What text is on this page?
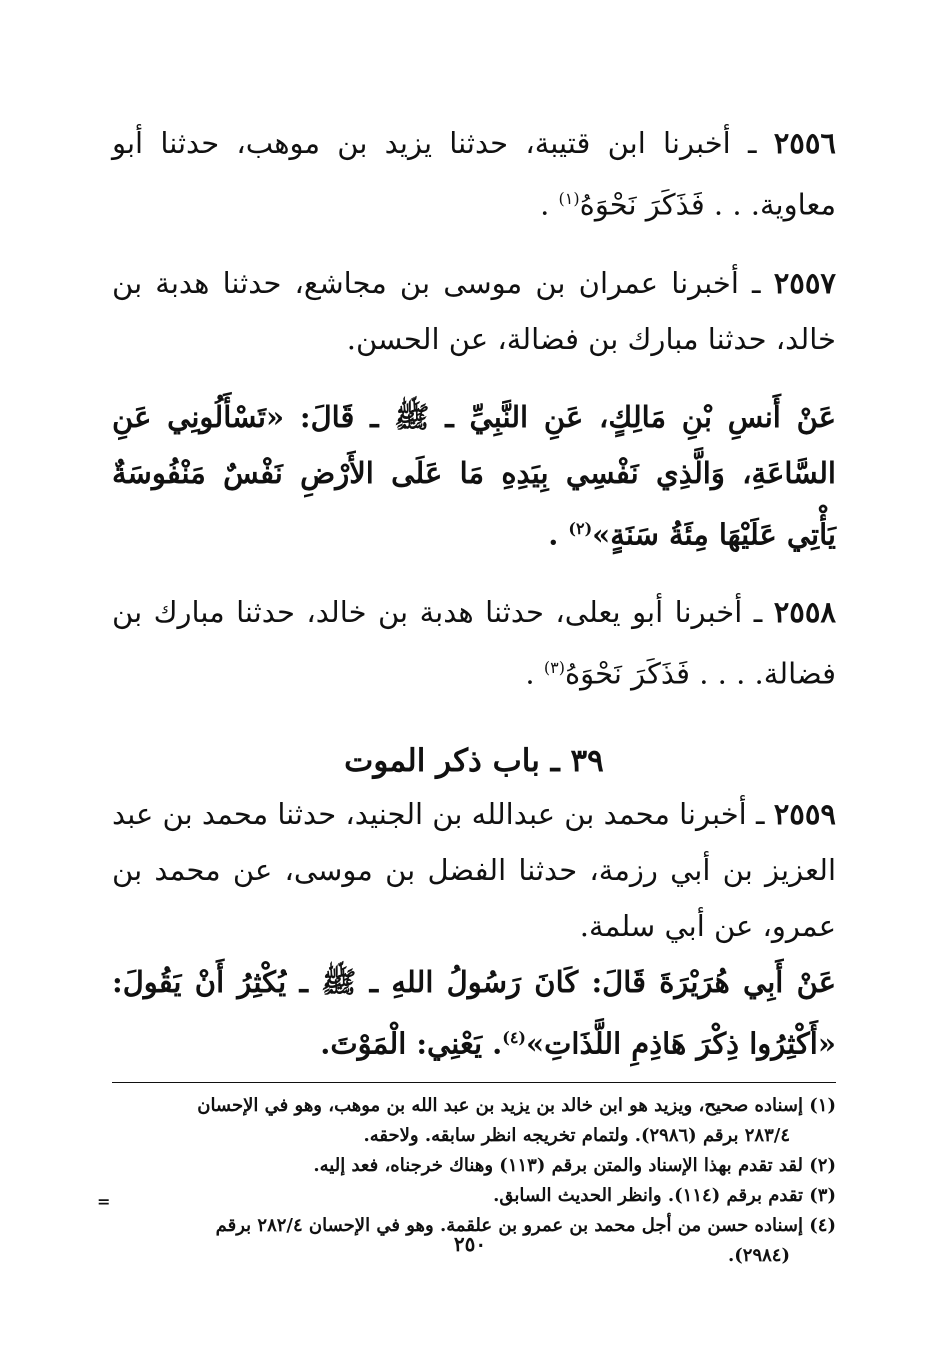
٢٥٥٦ ـ أخبرنا ابن قتيبة، حدثنا يزيد بن موهب، حدثنا أبو معاوية. . . فَذَكَرَ نَحْوَهُ$^{(١)}$ .

٢٥٥٧ ـ أخبرنا عمران بن موسى بن مجاشع، حدثنا هدبة بن خالد، حدثنا مبارك بن فضالة، عن الحسن.

عَنْ أَنسِ بْنِ مَالِكٍ، عَنِ النَّبِيِّ ـ ﷺ ـ قَالَ: «تَسْأَلُونِي عَنِ السَّاعَةِ، وَالَّذِي نَفْسِي بِيَدِهِ مَا عَلَى الأَرْضِ نَفْسٌ مَنْفُوسَةٌ يَأْتِي عَلَيْهَا مِئَةُ سَنَةٍ»$^{(٢)}$ .

٢٥٥٨ ـ أخبرنا أبو يعلى، حدثنا هدبة بن خالد، حدثنا مبارك بن فضالة. . . . فَذَكَرَ نَحْوَهُ$^{(٣)}$ .

٣٩ ـ باب ذكر الموت

٢٥٥٩ ـ أخبرنا محمد بن عبدالله بن الجنيد، حدثنا محمد بن عبد العزيز بن أبي رزمة، حدثنا الفضل بن موسى، عن محمد بن عمرو، عن أبي سلمة.

عَنْ أَبِي هُرَيْرَةَ قَالَ: كَانَ رَسُولُ اللهِ ـ ﷺ ـ يُكْثِرُ أَنْ يَقُولَ: «أَكْثِرُوا ذِكْرَ هَاذِمِ اللَّذَاتِ»$^{(٤)}$. يَعْنِي: الْمَوْتَ.

(١) إسناده صحيح، ويزيد هو ابن خالد بن يزيد بن عبد الله بن موهب، وهو في الإحسان
٢٨٣/٤ برقم (٢٩٨٦). ولتمام تخريجه انظر سابقه. ولاحقه.

(٢) لقد تقدم بهذا الإسناد والمتن برقم (١١٣) وهناك خرجناه، فعد إليه.

(٣) تقدم برقم (١١٤). وانظر الحديث السابق.

(٤) إسناده حسن من أجل محمد بن عمرو بن علقمة. وهو في الإحسان ٢٨٢/٤ برقم
(٢٩٨٤).

=
٢٥٠
